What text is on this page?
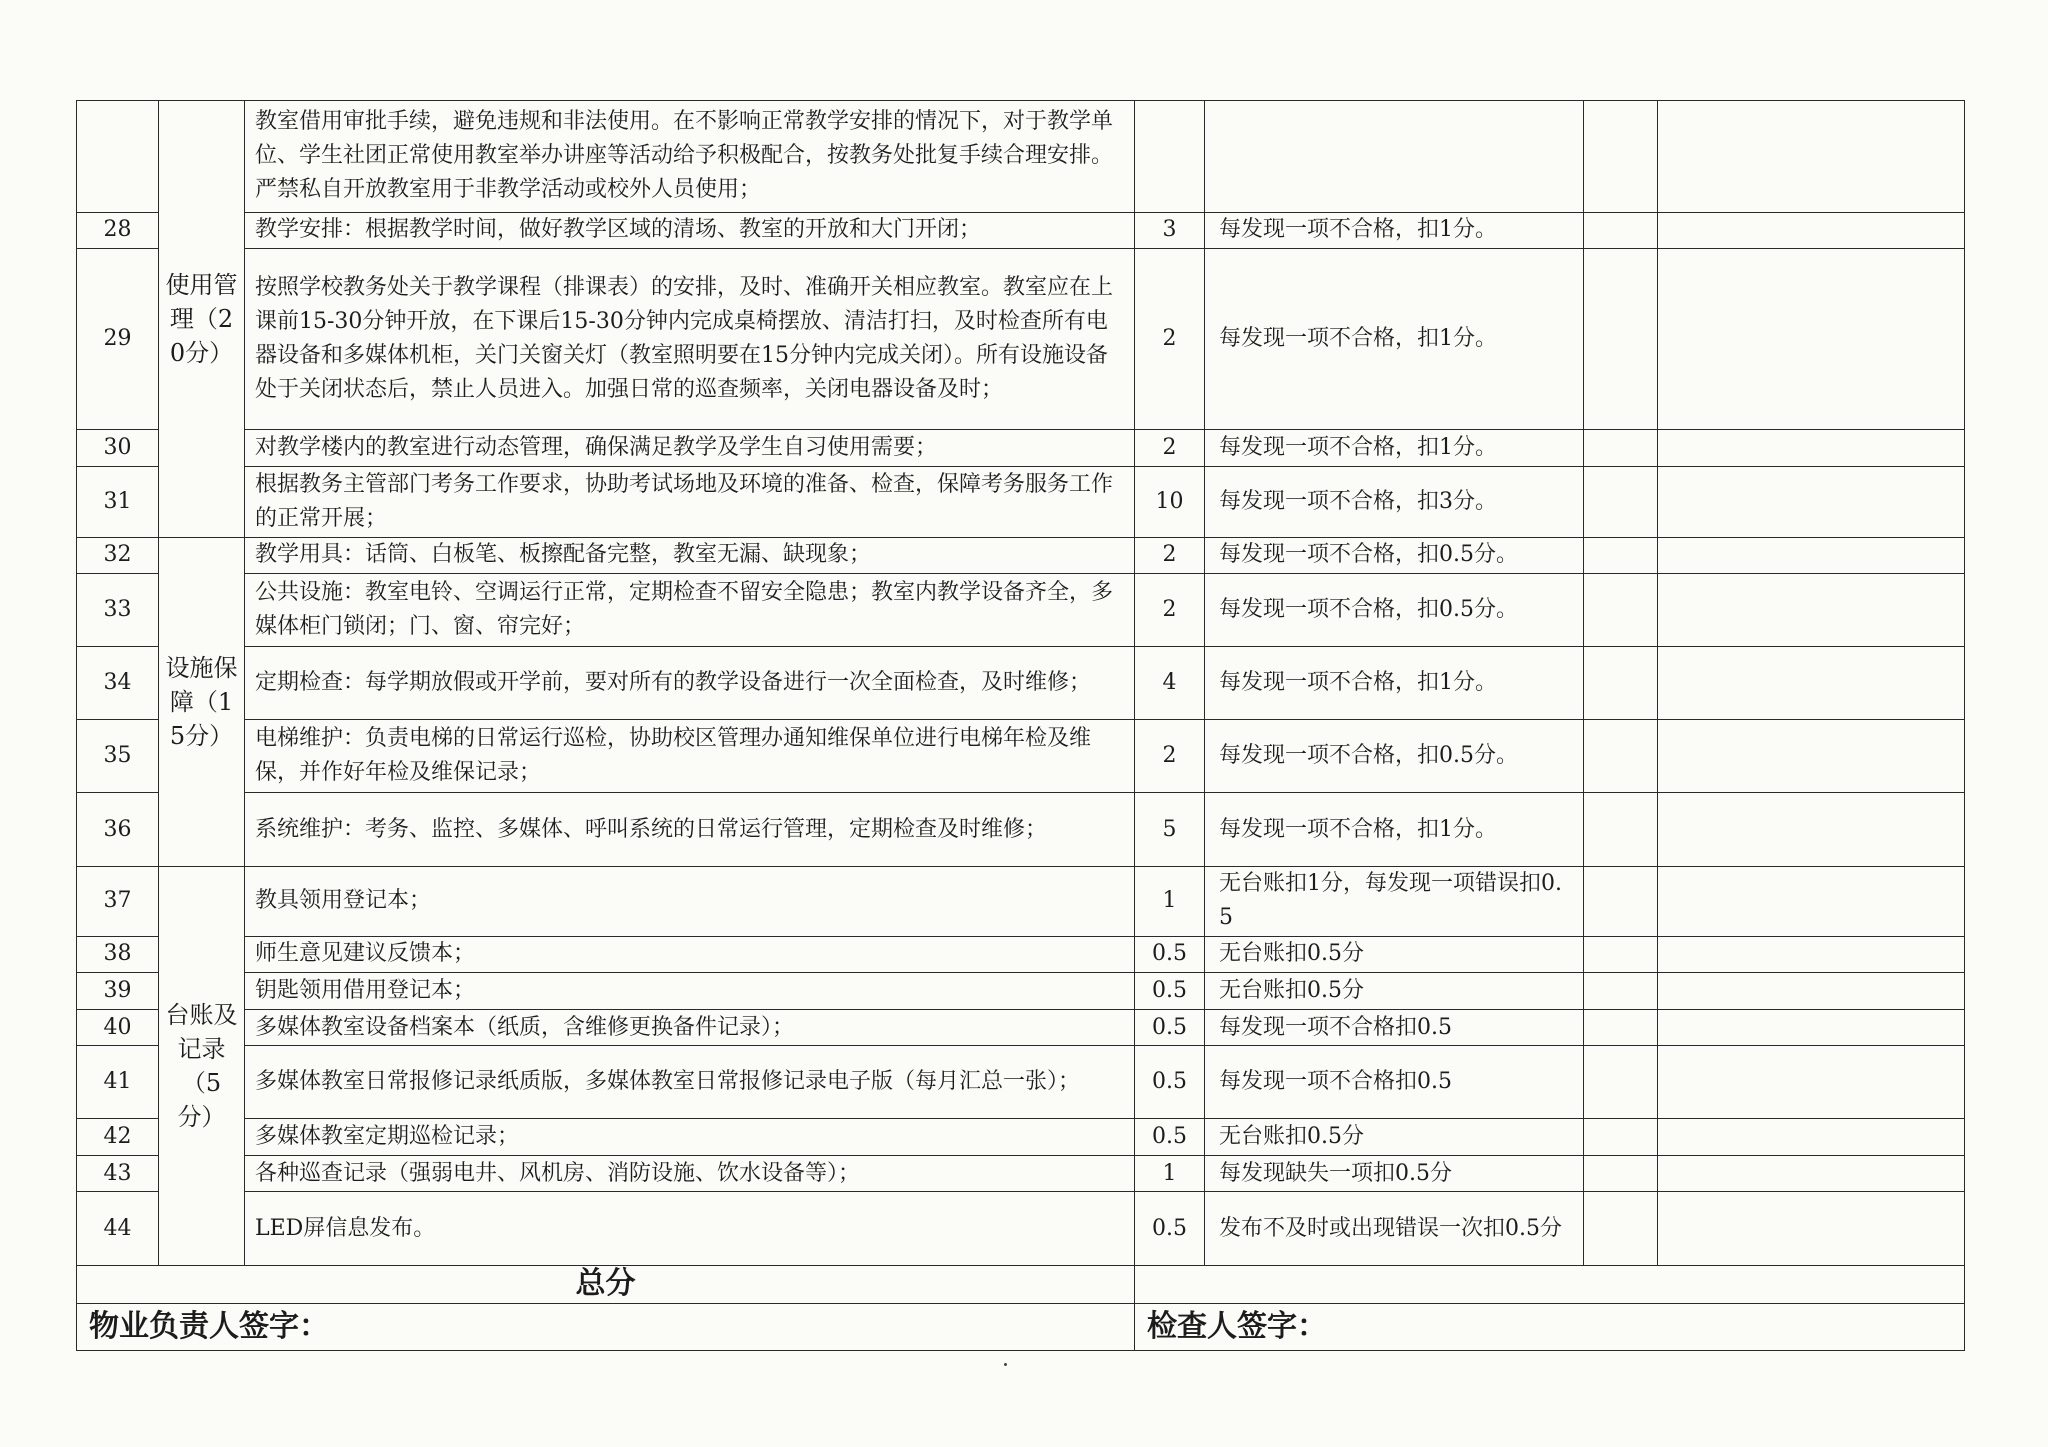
	使用管理（20分）	教室借用审批手续，避免违规和非法使用。在不影响正常教学安排的情况下，对于教学单位、学生社团正常使用教室举办讲座等活动给予积极配合，按教务处批复手续合理安排。严禁私自开放教室用于非教学活动或校外人员使用；				
28		教学安排：根据教学时间，做好教学区域的清场、教室的开放和大门开闭；	3	每发现一项不合格，扣1分。		
29		按照学校教务处关于教学课程（排课表）的安排，及时、准确开关相应教室。教室应在上课前15-30分钟开放，在下课后15-30分钟内完成桌椅摆放、清洁打扫，及时检查所有电器设备和多媒体机柜，关门关窗关灯（教室照明要在15分钟内完成关闭）。所有设施设备处于关闭状态后，禁止人员进入。加强日常的巡查频率，关闭电器设备及时；	2	每发现一项不合格，扣1分。		
30		对教学楼内的教室进行动态管理，确保满足教学及学生自习使用需要；	2	每发现一项不合格，扣1分。		
31		根据教务主管部门考务工作要求，协助考试场地及环境的准备、检查，保障考务服务工作的正常开展；	10	每发现一项不合格，扣3分。		
32	设施保障（15分）	教学用具：话筒、白板笔、板擦配备完整，教室无漏、缺现象；	2	每发现一项不合格，扣0.5分。		
33		公共设施：教室电铃、空调运行正常，定期检查不留安全隐患；教室内教学设备齐全，多媒体柜门锁闭；门、窗、帘完好；	2	每发现一项不合格，扣0.5分。		
34		定期检查：每学期放假或开学前，要对所有的教学设备进行一次全面检查，及时维修；	4	每发现一项不合格，扣1分。		
35		电梯维护：负责电梯的日常运行巡检，协助校区管理办通知维保单位进行电梯年检及维保，并作好年检及维保记录；	2	每发现一项不合格，扣0.5分。		
36		系统维护：考务、监控、多媒体、呼叫系统的日常运行管理，定期检查及时维修；	5	每发现一项不合格，扣1分。		
37	台账及记录（5分）	教具领用登记本；	1	无台账扣1分，每发现一项错误扣0.5		
38		师生意见建议反馈本；	0.5	无台账扣0.5分		
39		钥匙领用借用登记本；	0.5	无台账扣0.5分		
40		多媒体教室设备档案本（纸质，含维修更换备件记录）；	0.5	每发现一项不合格扣0.5		
41		多媒体教室日常报修记录纸质版，多媒体教室日常报修记录电子版（每月汇总一张）；	0.5	每发现一项不合格扣0.5		
42		多媒体教室定期巡检记录；	0.5	无台账扣0.5分		
43		各种巡查记录（强弱电井、风机房、消防设施、饮水设备等）；	1	每发现缺失一项扣0.5分		
44		LED屏信息发布。	0.5	发布不及时或出现错误一次扣0.5分		
总分						
物业负责人签字：			检查人签字：			
